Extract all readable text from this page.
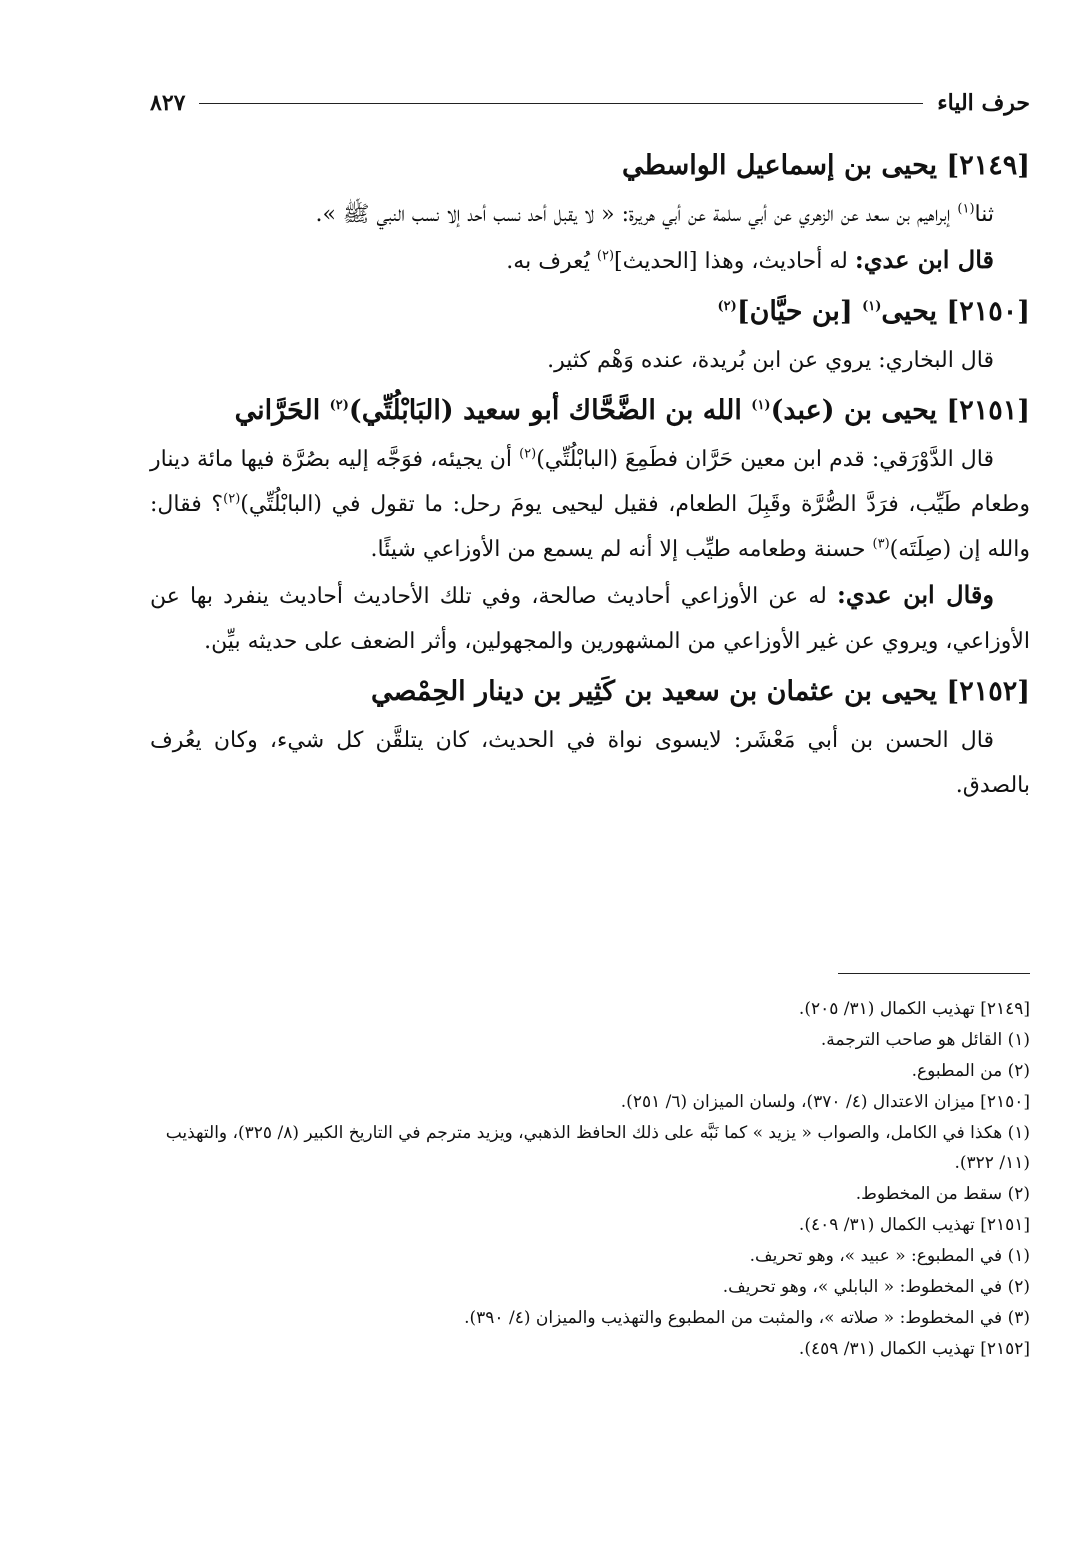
حرف الياء
٨٢٧
[٢١٤٩] يحيى بن إسماعيل الواسطي

ثنا$^{(١)}$ إبراهيم بن سعد عن الزهري عن أبي سلمة عن أبي هريرة: « لا يقبل أحد نسب أحد إلا نسب النبي ﷺ ».

قال ابن عدي: له أحاديث، وهذا [الحديث]$^{(٢)}$ يُعرف به.

[٢١٥٠] يحيى$^{(١)}$ [بن حيَّان]$^{(٢)}$

قال البخاري: يروي عن ابن بُريدة، عنده وَهْم كثير.

[٢١٥١] يحيى بن (عبد)$^{(١)}$ الله بن الضَّحَّاك أبو سعيد (البَابْلُتِّي)$^{(٢)}$ الحَرَّاني

قال الدَّوْرَقي: قدم ابن معين حَرَّان فطَمِعَ (البابْلُتِّي)$^{(٢)}$ أن يجيئه، فوَجَّه إليه بصُرَّة فيها مائة دينار وطعام طَيِّب، فرَدَّ الصُّرَّة وقَبِلَ الطعام، فقيل ليحيى يومَ رحل: ما تقول في (البابْلُتِّي)$^{(٢)}$؟ فقال: والله إن (صِلَتَه)$^{(٣)}$ حسنة وطعامه طيِّب إلا أنه لم يسمع من الأوزاعي شيئًا.

وقال ابن عدي: له عن الأوزاعي أحاديث صالحة، وفي تلك الأحاديث أحاديث ينفرد بها عن الأوزاعي، ويروي عن غير الأوزاعي من المشهورين والمجهولين، وأثر الضعف على حديثه بيِّن.

[٢١٥٢] يحيى بن عثمان بن سعيد بن كَثِير بن دينار الحِمْصي

قال الحسن بن أبي مَعْشَر: لايسوى نواة في الحديث، كان يتلقَّن كل شيء، وكان يعُرف بالصدق.

[٢١٤٩] تهذيب الكمال (٣١/ ٢٠٥).

(١) القائل هو صاحب الترجمة.

(٢) من المطبوع.

[٢١٥٠] ميزان الاعتدال (٤/ ٣٧٠)، ولسان الميزان (٦/ ٢٥١).

(١) هكذا في الكامل، والصواب « يزيد » كما نَبَّه على ذلك الحافظ الذهبي، ويزيد مترجم في التاريخ الكبير (٨/ ٣٢٥)، والتهذيب (١١/ ٣٢٢).

(٢) سقط من المخطوط.

[٢١٥١] تهذيب الكمال (٣١/ ٤٠٩).

(١) في المطبوع: « عبيد »، وهو تحريف.

(٢) في المخطوط: « البابلي »، وهو تحريف.

(٣) في المخطوط: « صلاته »، والمثبت من المطبوع والتهذيب والميزان (٤/ ٣٩٠).

[٢١٥٢] تهذيب الكمال (٣١/ ٤٥٩).
